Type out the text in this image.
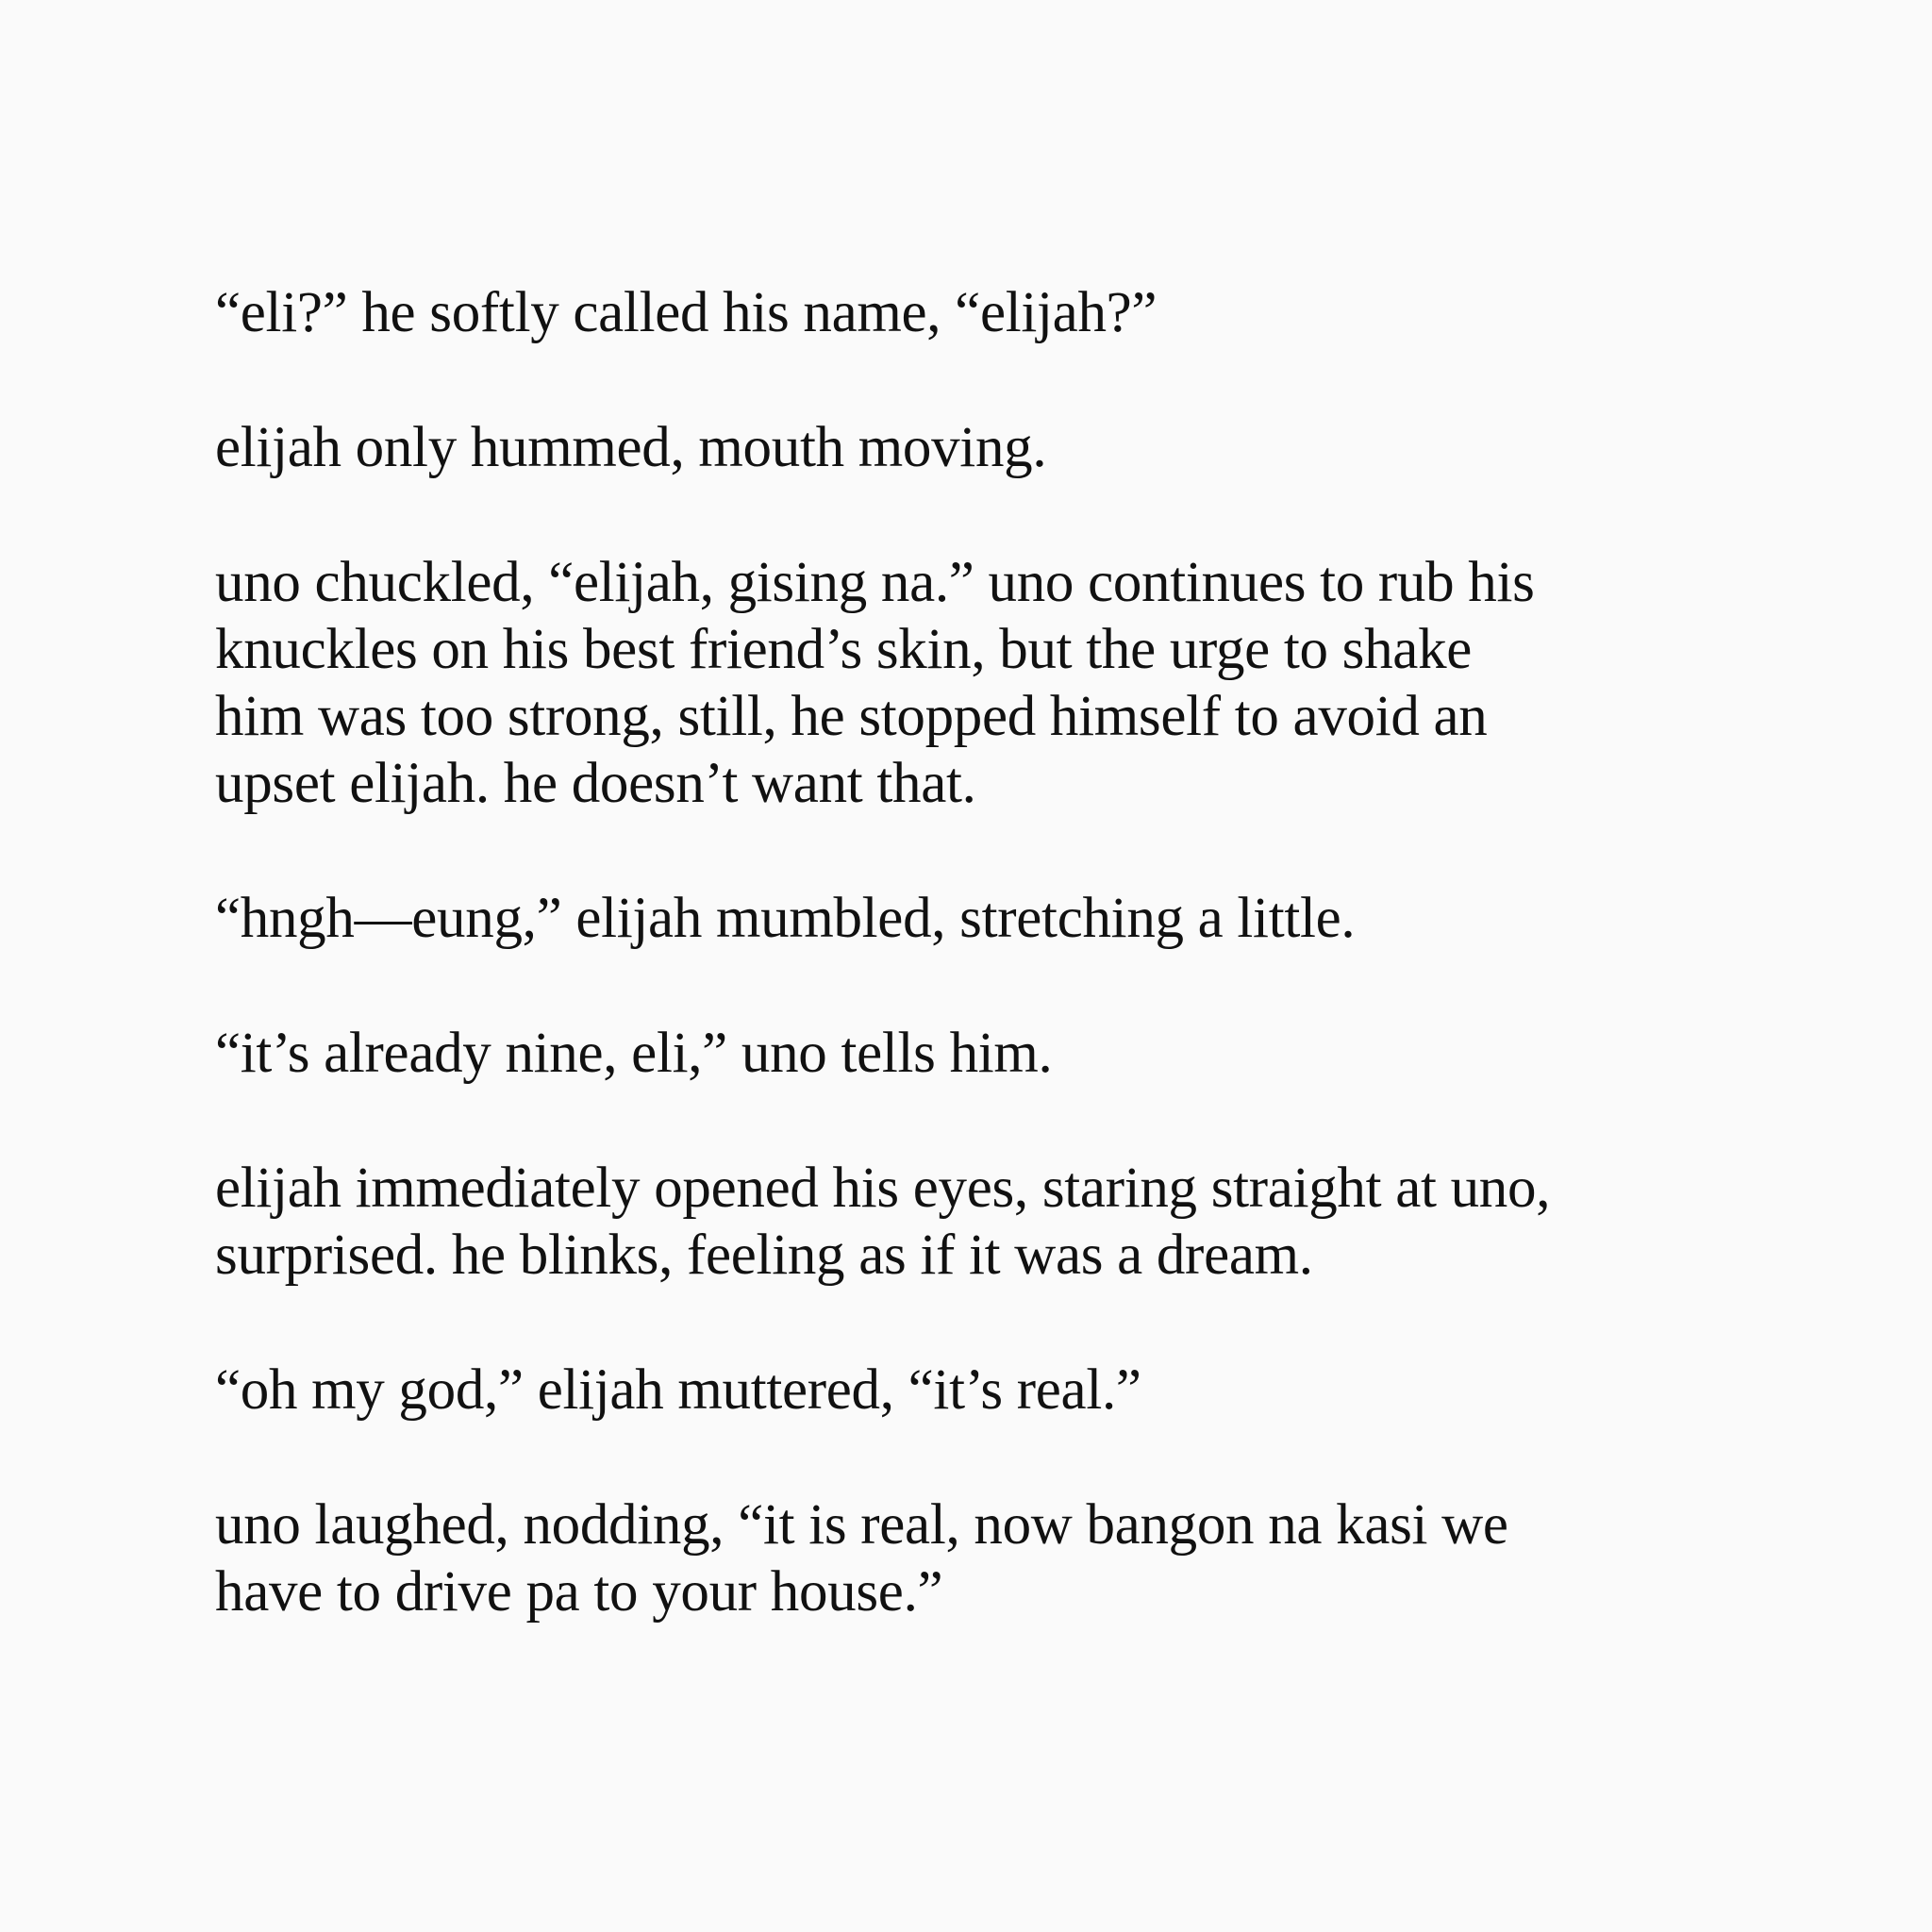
“eli?” he softly called his name, “elijah?”

elijah only hummed, mouth moving.

uno chuckled, “elijah, gising na.” uno continues to rub his
knuckles on his best friend’s skin, but the urge to shake
him was too strong, still, he stopped himself to avoid an
upset elijah. he doesn’t want that.

“hngh—eung,” elijah mumbled, stretching a little.

“it’s already nine, eli,” uno tells him.

elijah immediately opened his eyes, staring straight at uno,
surprised. he blinks, feeling as if it was a dream.

“oh my god,” elijah muttered, “it’s real.”

uno laughed, nodding, “it is real, now bangon na kasi we
have to drive pa to your house.”
